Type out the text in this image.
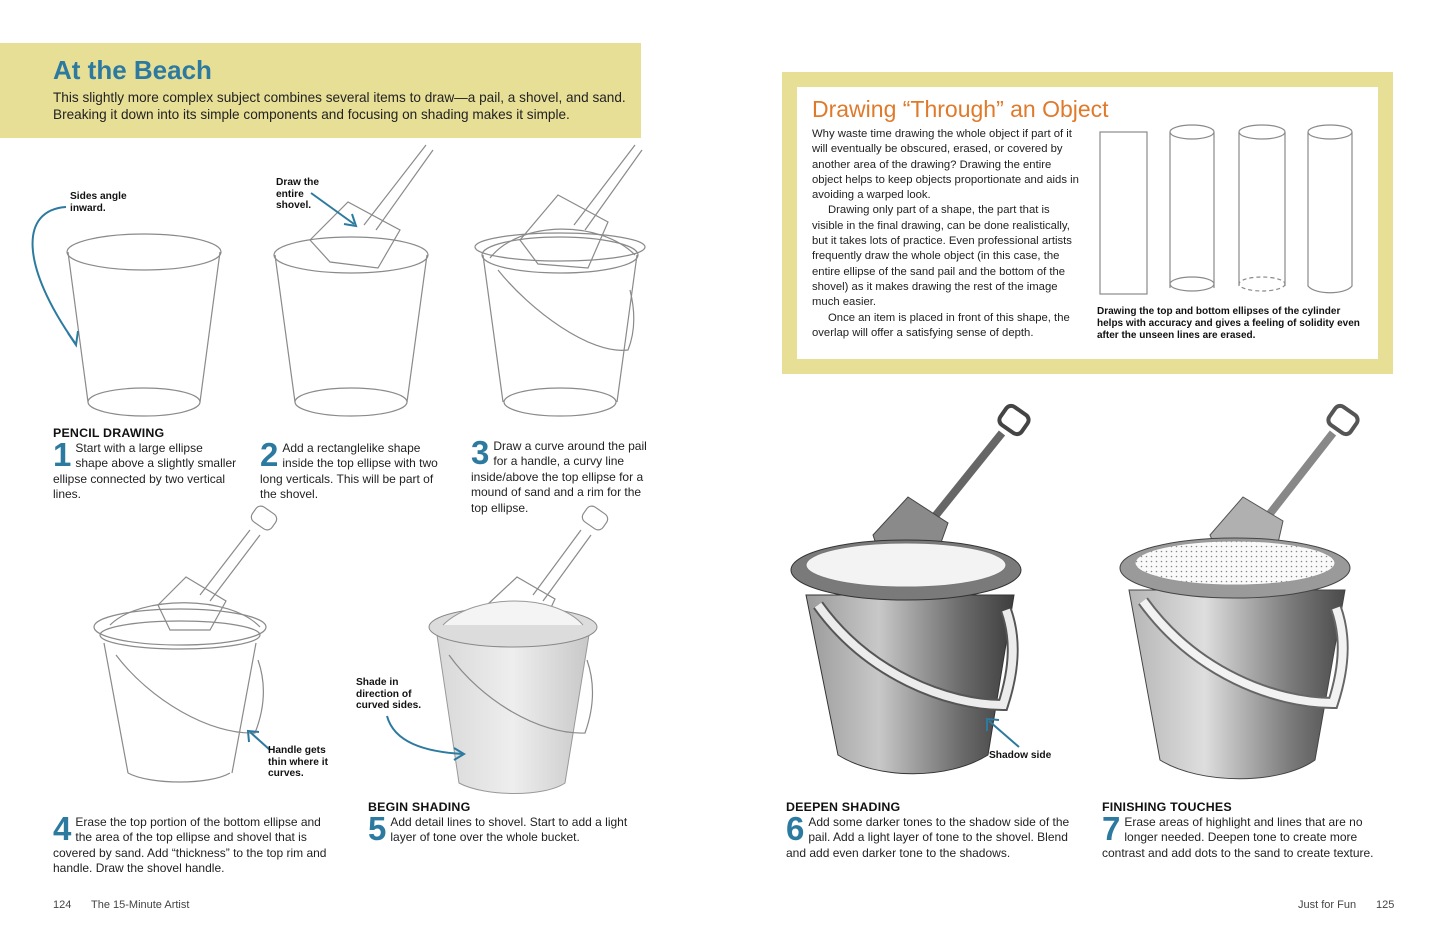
At the Beach
This slightly more complex subject combines several items to draw—a pail, a shovel, and sand. Breaking it down into its simple components and focusing on shading makes it simple.
Sides angle inward.
Draw the entire shovel.
PENCIL DRAWING
1 Start with a large ellipse shape above a slightly smaller ellipse connected by two vertical lines.
2 Add a rectanglelike shape inside the top ellipse with two long verticals. This will be part of the shovel.
3 Draw a curve around the pail for a handle, a curvy line inside/above the top ellipse for a mound of sand and a rim for the top ellipse.
Handle gets thin where it curves.
Shade in direction of curved sides.
4 Erase the top portion of the bottom ellipse and the area of the top ellipse and shovel that is covered by sand. Add “thickness” to the top rim and handle. Draw the shovel handle.
BEGIN SHADING
5 Add detail lines to shovel. Start to add a light layer of tone over the whole bucket.
124 The 15-Minute Artist
Drawing “Through” an Object

Why waste time drawing the whole object if part of it will eventually be obscured, erased, or covered by another area of the drawing? Drawing the entire object helps to keep objects proportionate and aids in avoiding a warped look.

Drawing only part of a shape, the part that is visible in the final drawing, can be done realistically, but it takes lots of practice. Even professional artists frequently draw the whole object (in this case, the entire ellipse of the sand pail and the bottom of the shovel) as it makes drawing the rest of the image much easier.

Once an item is placed in front of this shape, the overlap will offer a satisfying sense of depth.

Drawing the top and bottom ellipses of the cylinder helps with accuracy and gives a feeling of solidity even after the unseen lines are erased.
Shadow side
DEEPEN SHADING
6 Add some darker tones to the shadow side of the pail. Add a light layer of tone to the shovel. Blend and add even darker tone to the shadows.
FINISHING TOUCHES
7 Erase areas of highlight and lines that are no longer needed. Deepen tone to create more contrast and add dots to the sand to create texture.
Just for Fun 125
